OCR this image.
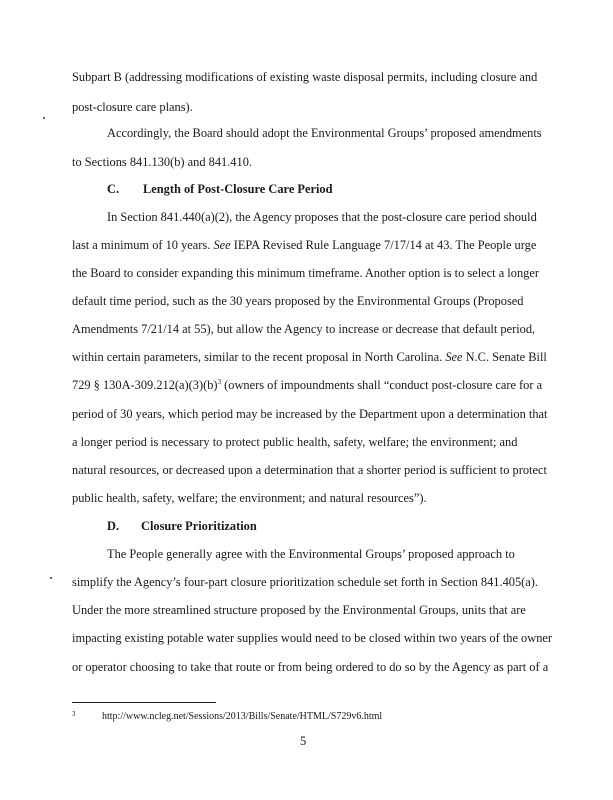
Subpart B (addressing modifications of existing waste disposal permits, including closure and
post-closure care plans).
Accordingly, the Board should adopt the Environmental Groups’ proposed amendments
to Sections 841.130(b) and 841.410.
C. Length of Post-Closure Care Period
In Section 841.440(a)(2), the Agency proposes that the post-closure care period should
last a minimum of 10 years. See IEPA Revised Rule Language 7/17/14 at 43. The People urge
the Board to consider expanding this minimum timeframe. Another option is to select a longer
default time period, such as the 30 years proposed by the Environmental Groups (Proposed
Amendments 7/21/14 at 55), but allow the Agency to increase or decrease that default period,
within certain parameters, similar to the recent proposal in North Carolina. See N.C. Senate Bill
729 § $130A-309.212(a)(3)(b)^3$ (owners of impoundments shall “conduct post-closure care for a
period of 30 years, which period may be increased by the Department upon a determination that
a longer period is necessary to protect public health, safety, welfare; the environment; and
natural resources, or decreased upon a determination that a shorter period is sufficient to protect
public health, safety, welfare; the environment; and natural resources”).
D. Closure Prioritization
The People generally agree with the Environmental Groups’ proposed approach to
simplify the Agency’s four-part closure prioritization schedule set forth in Section 841.405(a).
Under the more streamlined structure proposed by the Environmental Groups, units that are
impacting existing potable water supplies would need to be closed within two years of the owner
or operator choosing to take that route or from being ordered to do so by the Agency as part of a
3	http://www.ncleg.net/Sessions/2013/Bills/Senate/HTML/S729v6.html
5
